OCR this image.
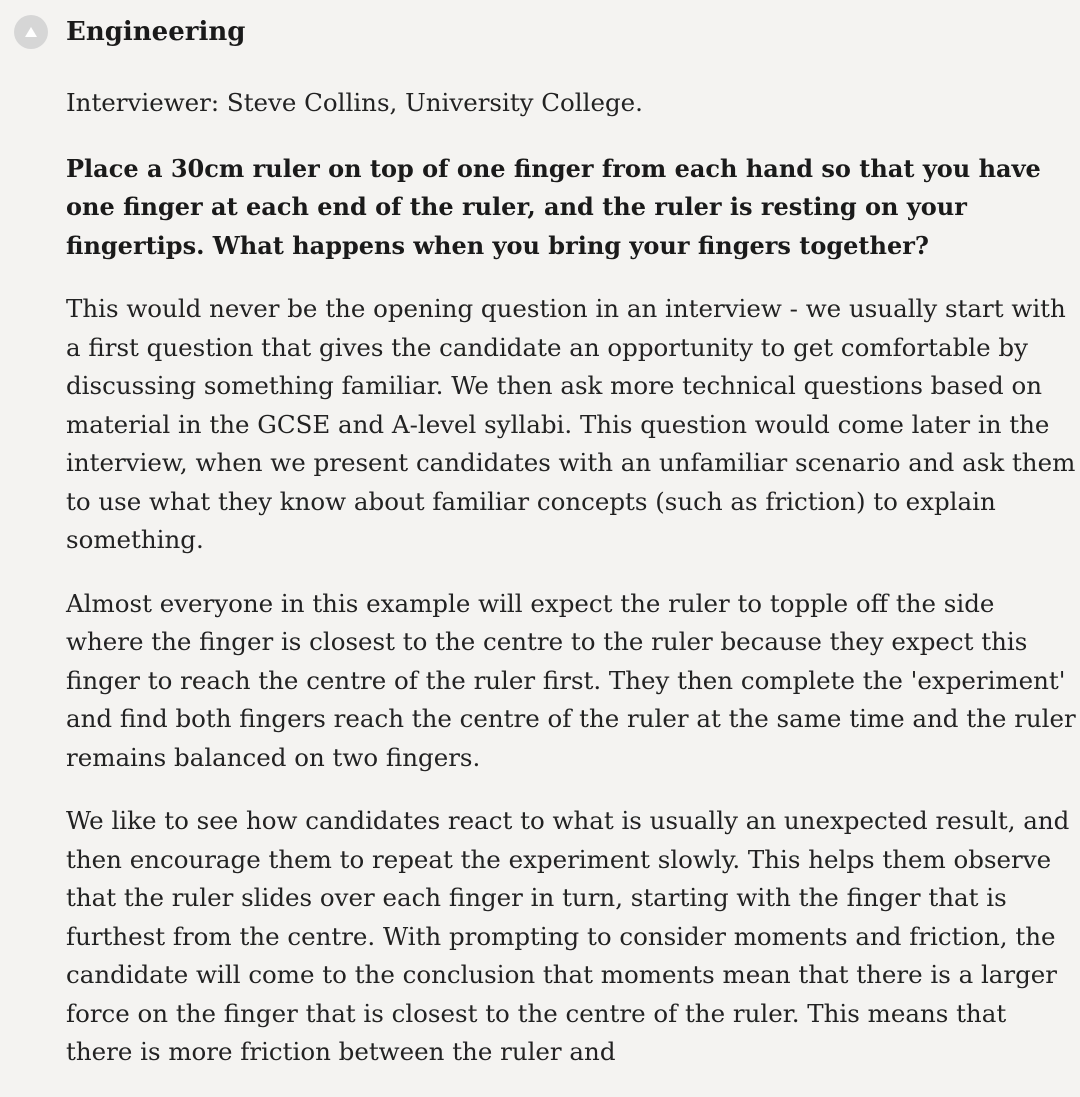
Engineering

Interviewer: Steve Collins, University College.

Place a 30cm ruler on top of one finger from each hand so that you have one finger at each end of the ruler, and the ruler is resting on your fingertips. What happens when you bring your fingers together?

This would never be the opening question in an interview - we usually start with a first question that gives the candidate an opportunity to get comfortable by discussing something familiar. We then ask more technical questions based on material in the GCSE and A-level syllabi. This question would come later in the interview, when we present candidates with an unfamiliar scenario and ask them to use what they know about familiar concepts (such as friction) to explain something.

Almost everyone in this example will expect the ruler to topple off the side where the finger is closest to the centre to the ruler because they expect this finger to reach the centre of the ruler first. They then complete the 'experiment' and find both fingers reach the centre of the ruler at the same time and the ruler remains balanced on two fingers.

We like to see how candidates react to what is usually an unexpected result, and then encourage them to repeat the experiment slowly. This helps them observe that the ruler slides over each finger in turn, starting with the finger that is furthest from the centre. With prompting to consider moments and friction, the candidate will come to the conclusion that moments mean that there is a larger force on the finger that is closest to the centre of the ruler. This means that there is more friction between the ruler and
